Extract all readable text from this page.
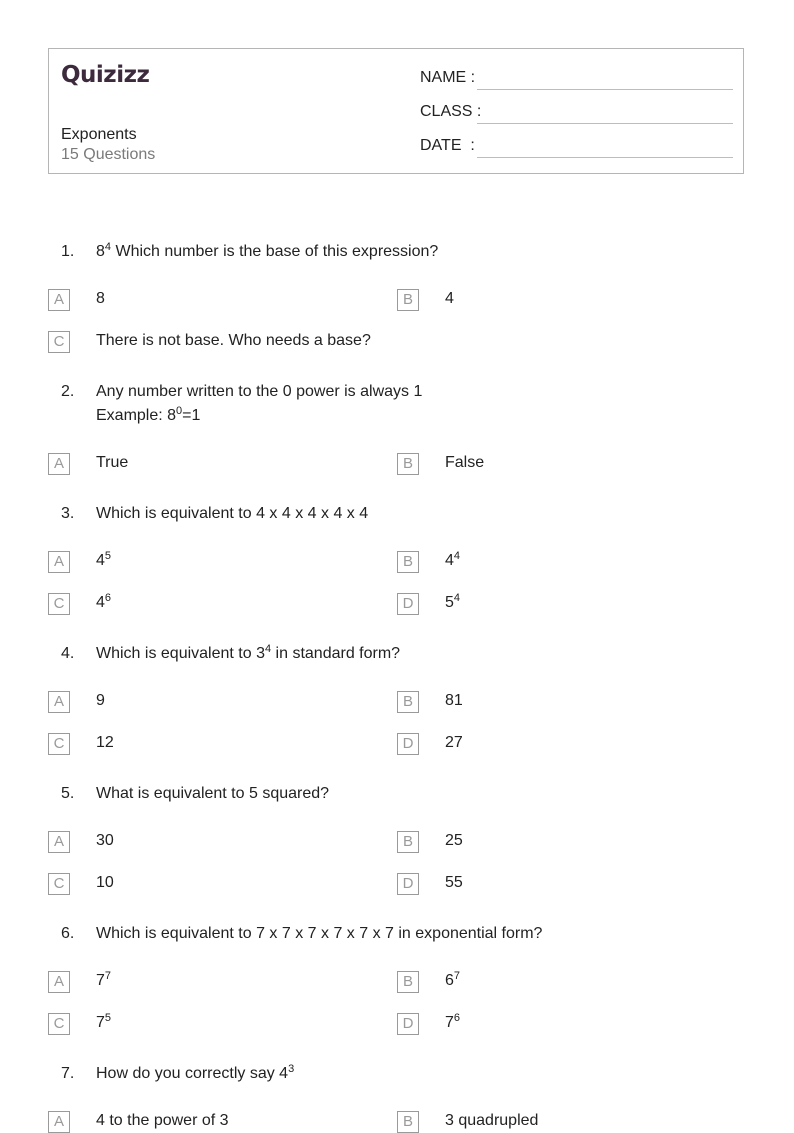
Quizizz
Exponents
15 Questions
NAME :
CLASS :
DATE  :
1. $8^4$ Which number is the base of this expression?
A	8	B	4
C	There is not base. Who needs a base?
2. Any number written to the 0 power is always 1
Example: $8^0=1$
A	True	B	False
3. Which is equivalent to 4 x 4 x 4 x 4 x 4
A	$4^5$	B	$4^4$
C	$4^6$	D	$5^4$
4. Which is equivalent to $3^4$ in standard form?
A	9	B	81
C	12	D	27
5. What is equivalent to 5 squared?
A	30	B	25
C	10	D	55
6. Which is equivalent to 7 x 7 x 7 x 7 x 7 x 7 in exponential form?
A	$7^7$	B	$6^7$
C	$7^5$	D	$7^6$
7. How do you correctly say $4^3$
A	4 to the power of 3	B	3 quadrupled
